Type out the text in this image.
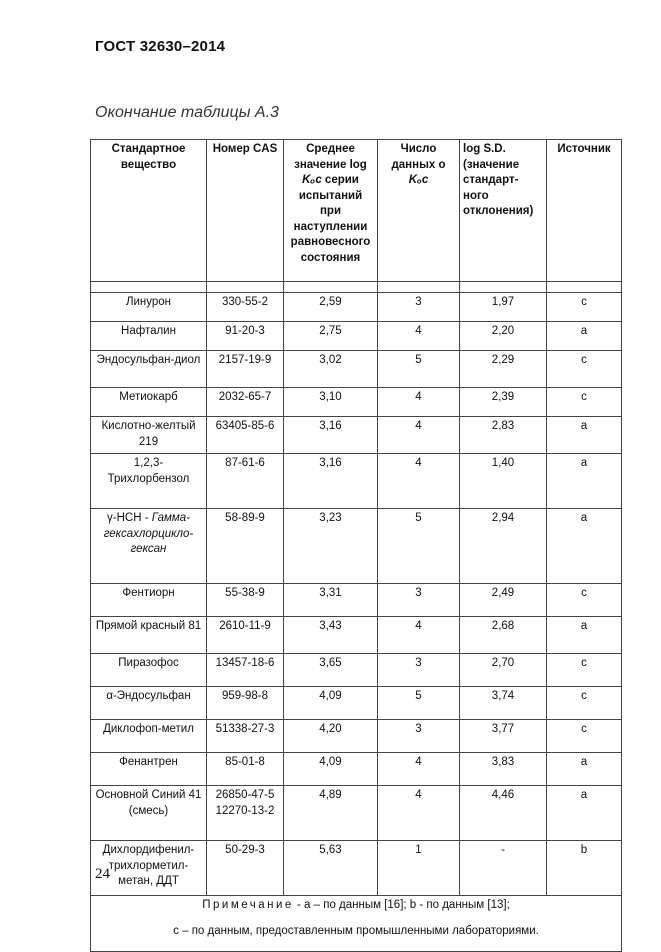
ГОСТ 32630–2014
Окончание таблицы А.3
Стандартное вещество	Номер CAS	Среднее значение log Kₒc серии испытаний при наступлении равновесного состояния	Число данных о Kₒc	log S.D. (значение стандарт-ного отклонения)	Источник

Линурон	330-55-2	2,59	3	1,97	c
Нафталин	91-20-3	2,75	4	2,20	a
Эндосульфан-диол	2157-19-9	3,02	5	2,29	c
Метиокарб	2032-65-7	3,10	4	2,39	c
Кислотно-желтый 219	63405-85-6	3,16	4	2,83	a
1,2,3-Трихлорбензол	87-61-6	3,16	4	1,40	a
γ-НСН - Гамма-гексахлорцикло-гексан	58-89-9	3,23	5	2,94	a
Фентиорн	55-38-9	3,31	3	2,49	c
Прямой красный 81	2610-11-9	3,43	4	2,68	a
Пиразофос	13457-18-6	3,65	3	2,70	c
α-Эндосульфан	959-98-8	4,09	5	3,74	c
Диклофоп-метил	51338-27-3	4,20	3	3,77	c
Фенантрен	85-01-8	4,09	4	3,83	a
Основной Синий 41 (смесь)	26850-47-5 12270-13-2	4,89	4	4,46	a
Дихлордифенил-трихлорметил-метан, ДДТ	50-29-3	5,63	1	-	b

Примечание - a – по данным [16]; b - по данным [13];
c – по данным, предоставленным промышленными лабораториями.					
24
